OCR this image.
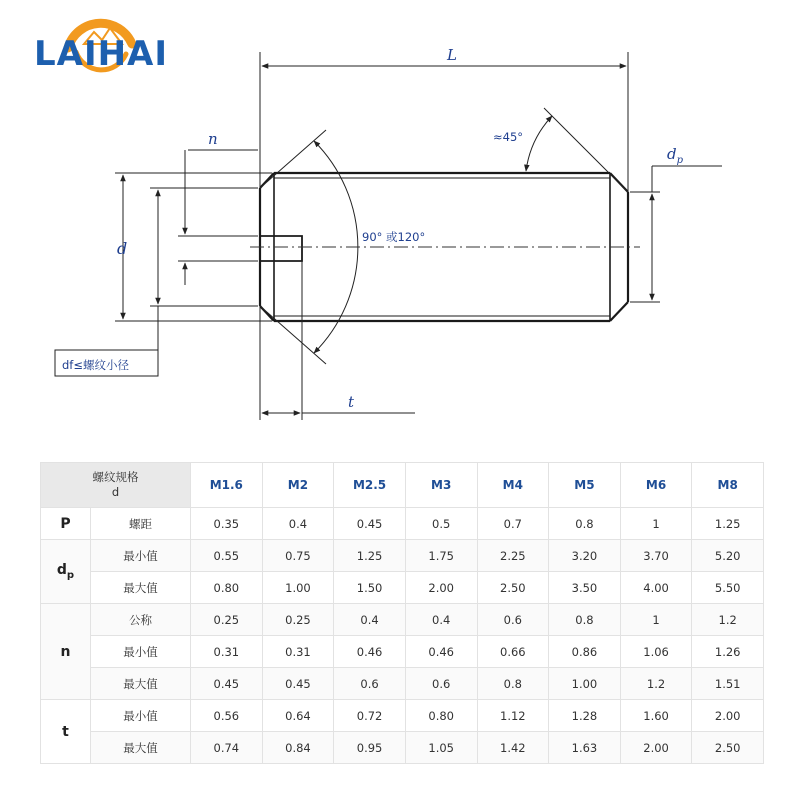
LAIHAI	L
n
d
df≤螺纹小径
t
90° 或120°
≈45°
$d_p$
螺纹规格
d		M1.6	M2	M2.5	M3	M4	M5	M6	M8
P	螺距	0.35	0.4	0.45	0.5	0.7	0.8	1	1.25
$d_p$	最小值	0.55	0.75	1.25	1.75	2.25	3.20	3.70	5.20
	最大值	0.80	1.00	1.50	2.00	2.50	3.50	4.00	5.50
n	公称	0.25	0.25	0.4	0.4	0.6	0.8	1	1.2
	最小值	0.31	0.31	0.46	0.46	0.66	0.86	1.06	1.26
	最大值	0.45	0.45	0.6	0.6	0.8	1.00	1.2	1.51
t	最小值	0.56	0.64	0.72	0.80	1.12	1.28	1.60	2.00
	最大值	0.74	0.84	0.95	1.05	1.42	1.63	2.00	2.50
